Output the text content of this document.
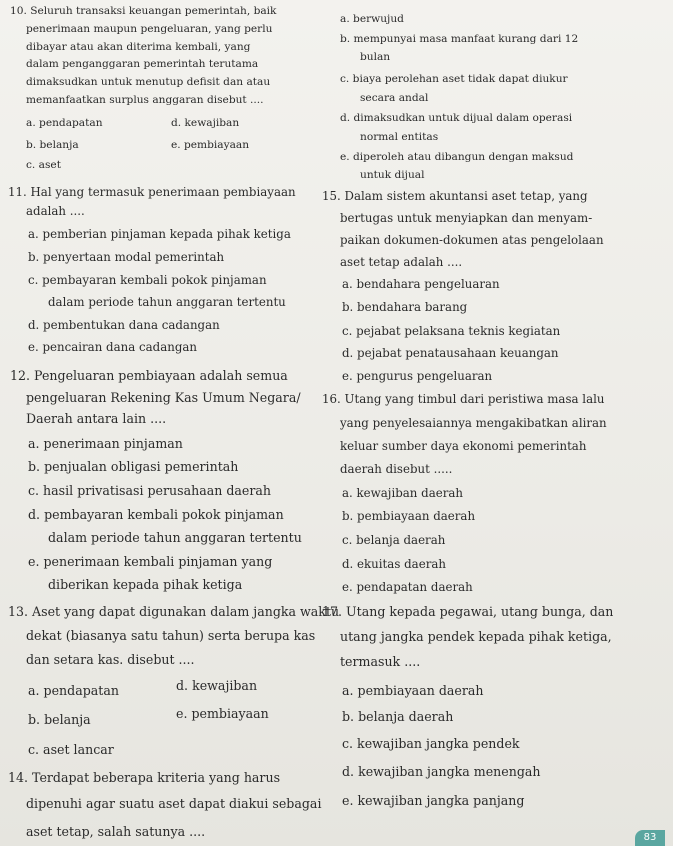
10. Seluruh transaksi keuangan pemerintah, baik
penerimaan maupun pengeluaran, yang perlu
dibayar atau akan diterima kembali, yang
dalam penganggaran pemerintah terutama
dimaksudkan untuk menutup defisit dan atau
memanfaatkan surplus anggaran disebut ....
a. pendapatan	d. kewajiban
b. belanja	e. pembiayaan
c. aset
11. Hal yang termasuk penerimaan pembiayaan
adalah ....
a. pemberian pinjaman kepada pihak ketiga
b. penyertaan modal pemerintah
c. pembayaran kembali pokok pinjaman
dalam periode tahun anggaran tertentu
d. pembentukan dana cadangan
e. pencairan dana cadangan
12. Pengeluaran pembiayaan adalah semua
pengeluaran Rekening Kas Umum Negara/
Daerah antara lain ....
a. penerimaan pinjaman
b. penjualan obligasi pemerintah
c. hasil privatisasi perusahaan daerah
d. pembayaran kembali pokok pinjaman
dalam periode tahun anggaran tertentu
e. penerimaan kembali pinjaman yang
diberikan kepada pihak ketiga
13. Aset yang dapat digunakan dalam jangka waktu
dekat (biasanya satu tahun) serta berupa kas
dan setara kas. disebut ....
a. pendapatan	d. kewajiban
b. belanja	e. pembiayaan
c. aset lancar
14. Terdapat beberapa kriteria yang harus
dipenuhi agar suatu aset dapat diakui sebagai
aset tetap, salah satunya ....
a. berwujud
b. mempunyai masa manfaat kurang dari 12
bulan
c. biaya perolehan aset tidak dapat diukur
secara andal
d. dimaksudkan untuk dijual dalam operasi
normal entitas
e. diperoleh atau dibangun dengan maksud
untuk dijual
15. Dalam sistem akuntansi aset tetap, yang
bertugas untuk menyiapkan dan menyam-
paikan dokumen-dokumen atas pengelolaan
aset tetap adalah ....
a. bendahara pengeluaran
b. bendahara barang
c. pejabat pelaksana teknis kegiatan
d. pejabat penatausahaan keuangan
e. pengurus pengeluaran
16. Utang yang timbul dari peristiwa masa lalu
yang penyelesaiannya mengakibatkan aliran
keluar sumber daya ekonomi pemerintah
daerah disebut .....
a. kewajiban daerah
b. pembiayaan daerah
c. belanja daerah
d. ekuitas daerah
e. pendapatan daerah
17. Utang kepada pegawai, utang bunga, dan
utang jangka pendek kepada pihak ketiga,
termasuk ....
a. pembiayaan daerah
b. belanja daerah
c. kewajiban jangka pendek
d. kewajiban jangka menengah
e. kewajiban jangka panjang
83
